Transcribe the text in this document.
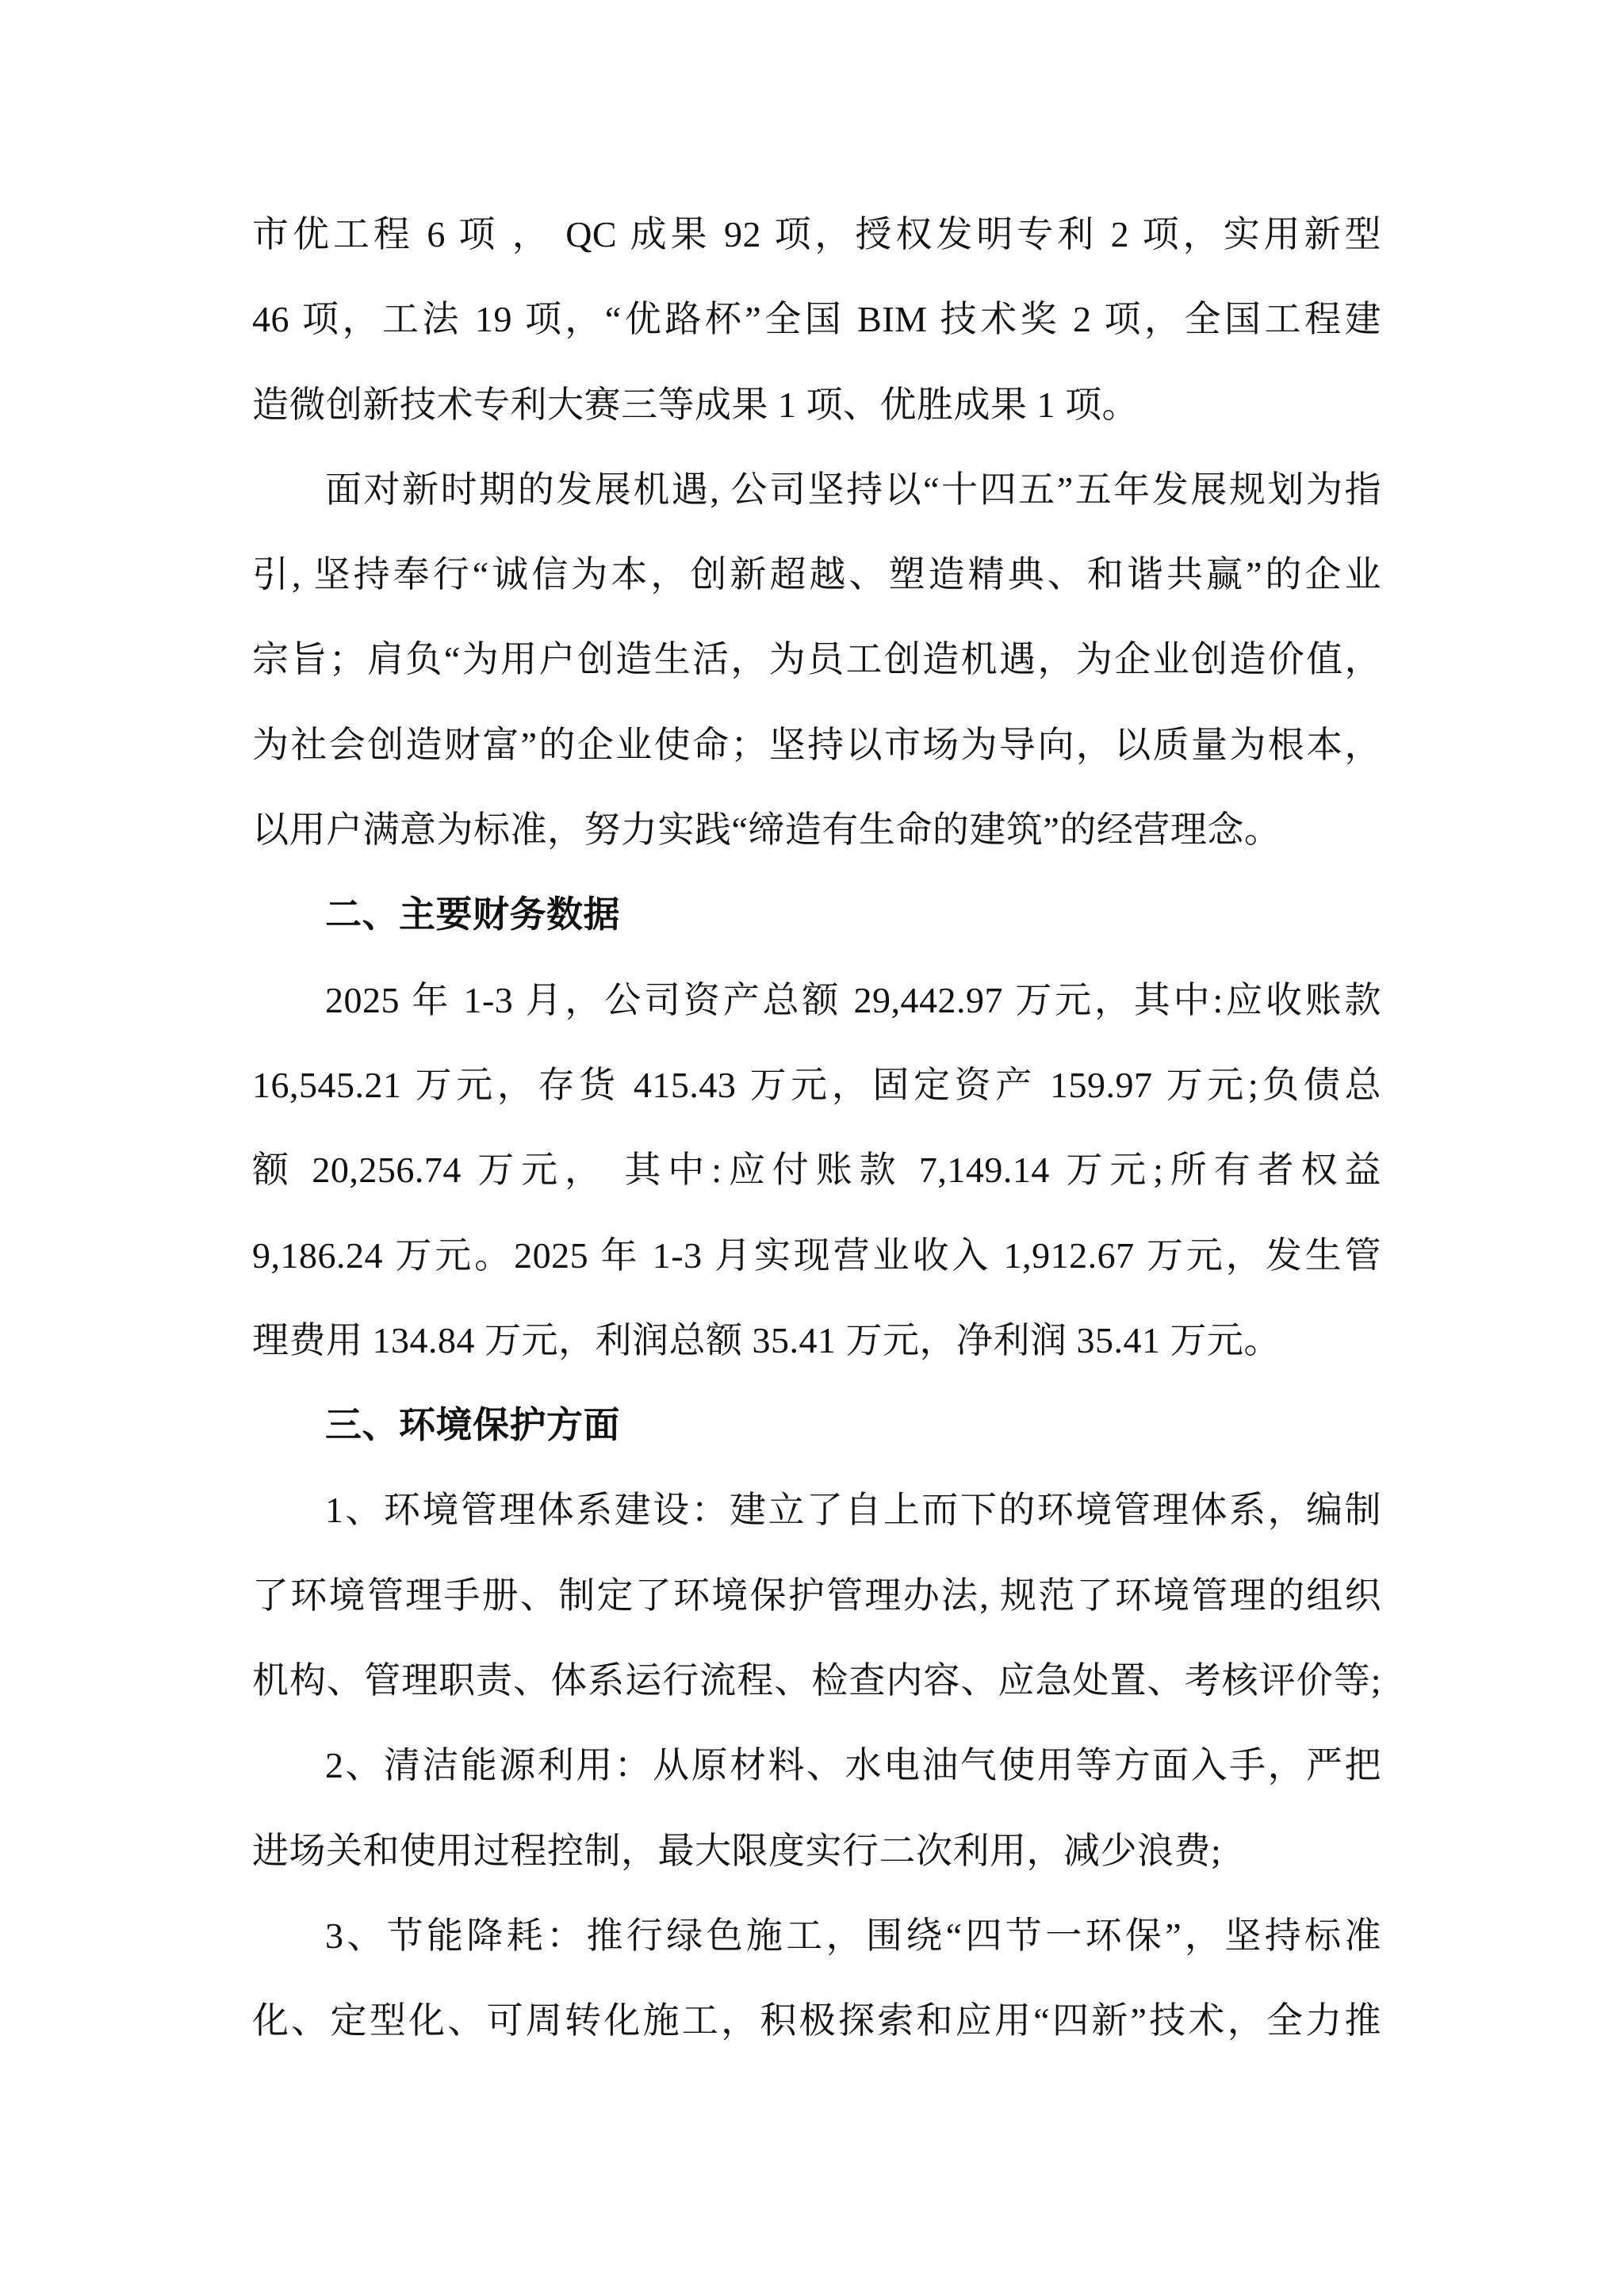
市优工程 6 项 ， QC 成果 92 项，授权发明专利 2 项，实用新型
46 项，工法 19 项，“优路杯”全国 BIM 技术奖 2 项，全国工程建
造微创新技术专利大赛三等成果 1 项、优胜成果 1 项。
面对新时期的发展机遇, 公司坚持以“十四五”五年发展规划为指
引, 坚持奉行“诚信为本，创新超越、塑造精典、和谐共赢”的企业
宗旨；肩负“为用户创造生活，为员工创造机遇，为企业创造价值，
为社会创造财富”的企业使命；坚持以市场为导向，以质量为根本，
以用户满意为标准，努力实践“缔造有生命的建筑”的经营理念。
二、主要财务数据
2025 年 1-3 月，公司资产总额 29,442.97 万元，其中:应收账款
16,545.21 万元，存货 415.43 万元，固定资产 159.97 万元;负债总
额 20,256.74 万元， 其中:应付账款 7,149.14 万元;所有者权益
9,186.24 万元。2025 年 1-3 月实现营业收入 1,912.67 万元，发生管
理费用 134.84 万元，利润总额 35.41 万元，净利润 35.41 万元。
三、环境保护方面
1、环境管理体系建设：建立了自上而下的环境管理体系，编制
了环境管理手册、制定了环境保护管理办法, 规范了环境管理的组织
机构、管理职责、体系运行流程、检查内容、应急处置、考核评价等;
2、清洁能源利用：从原材料、水电油气使用等方面入手，严把
进场关和使用过程控制，最大限度实行二次利用，减少浪费;
3、节能降耗：推行绿色施工，围绕“四节一环保”，坚持标准
化、定型化、可周转化施工，积极探索和应用“四新”技术，全力推
